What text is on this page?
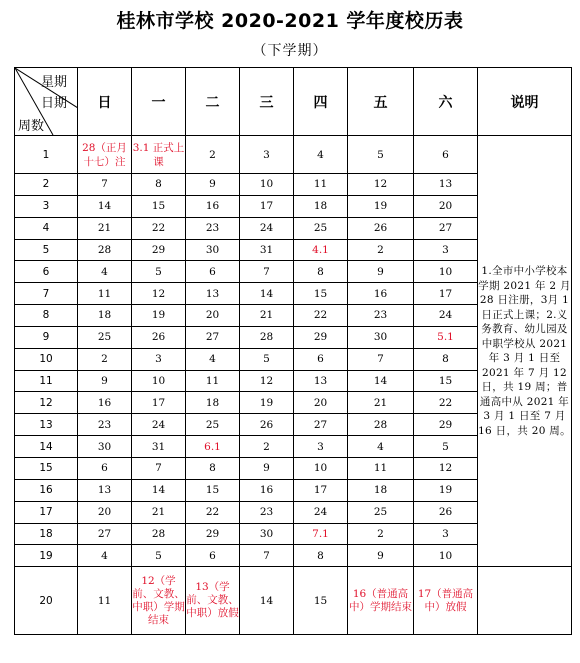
桂林市学校 2020-2021 学年度校历表
（下学期）
星期
日期
周数	日	一	二	三	四	五	六	说明
1	28（正月十七）注	3.1 正式上课	2	3	4	5	6	1.全市中小学校本学期 2021 年 2 月 28 日注册，3月 1 日正式上课；2.义务教育、幼儿园及中职学校从 2021 年 3 月 1 日至 2021 年 7 月 12 日，共 19 周；普通高中从 2021 年 3 月 1 日至 7 月 16 日，共 20 周。
2	7	8	9	10	11	12	13	
3	14	15	16	17	18	19	20	
4	21	22	23	24	25	26	27	
5	28	29	30	31	4.1	2	3	
6	4	5	6	7	8	9	10	
7	11	12	13	14	15	16	17	
8	18	19	20	21	22	23	24	
9	25	26	27	28	29	30	5.1	
10	2	3	4	5	6	7	8	
11	9	10	11	12	13	14	15	
12	16	17	18	19	20	21	22	
13	23	24	25	26	27	28	29	
14	30	31	6.1	2	3	4	5	
15	6	7	8	9	10	11	12	
16	13	14	15	16	17	18	19	
17	20	21	22	23	24	25	26	
18	27	28	29	30	7.1	2	3	
19	4	5	6	7	8	9	10	
20	11	12（学前、文教、中职）学期结束	13（学前、文教、中职）放假	14	15	16（普通高中）学期结束	17（普通高中）放假	
